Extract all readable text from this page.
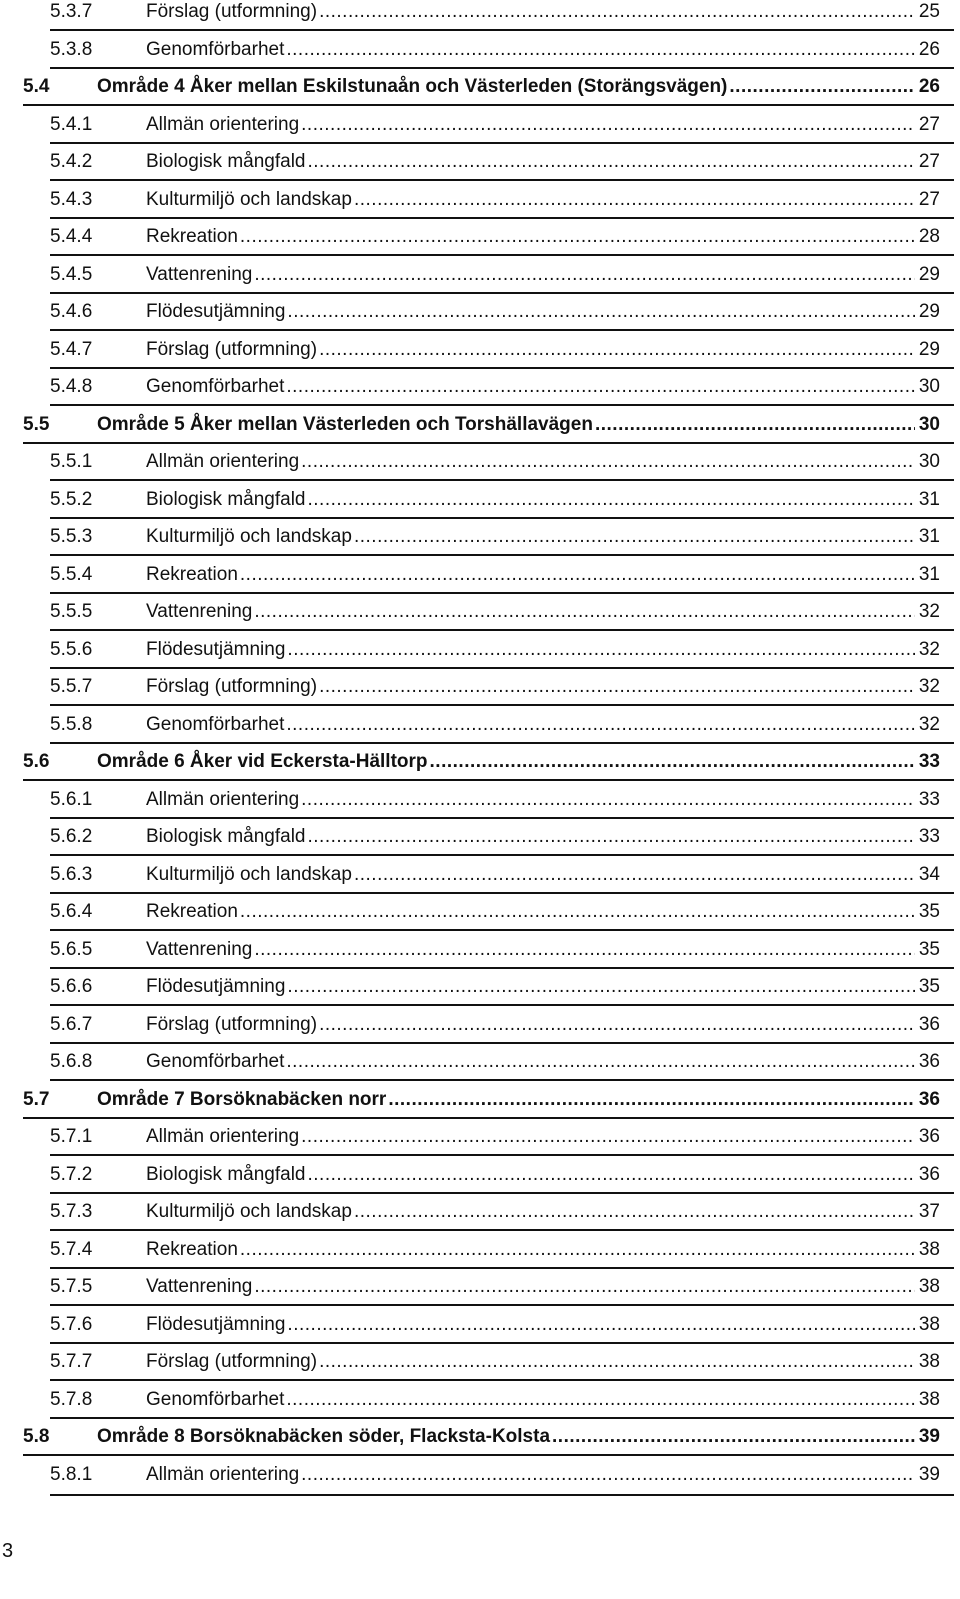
5.3.7	Förslag (utformning) .....	25
5.3.8	Genomförbarhet .....	26
5.4	Område 4 Åker mellan Eskilstunaån och Västerleden (Storängsvägen) .....	26
5.4.1	Allmän orientering .....	27
5.4.2	Biologisk mångfald .....	27
5.4.3	Kulturmiljö och landskap .....	27
5.4.4	Rekreation .....	28
5.4.5	Vattenrening .....	29
5.4.6	Flödesutjämning .....	29
5.4.7	Förslag (utformning) .....	29
5.4.8	Genomförbarhet .....	30
5.5	Område 5 Åker mellan Västerleden och Torshällavägen .....	30
5.5.1	Allmän orientering .....	30
5.5.2	Biologisk mångfald .....	31
5.5.3	Kulturmiljö och landskap .....	31
5.5.4	Rekreation .....	31
5.5.5	Vattenrening .....	32
5.5.6	Flödesutjämning .....	32
5.5.7	Förslag (utformning) .....	32
5.5.8	Genomförbarhet .....	32
5.6	Område 6 Åker vid Eckersta-Hälltorp .....	33
5.6.1	Allmän orientering .....	33
5.6.2	Biologisk mångfald .....	33
5.6.3	Kulturmiljö och landskap .....	34
5.6.4	Rekreation .....	35
5.6.5	Vattenrening .....	35
5.6.6	Flödesutjämning .....	35
5.6.7	Förslag (utformning) .....	36
5.6.8	Genomförbarhet .....	36
5.7	Område 7 Borsöknabäcken norr .....	36
5.7.1	Allmän orientering .....	36
5.7.2	Biologisk mångfald .....	36
5.7.3	Kulturmiljö och landskap .....	37
5.7.4	Rekreation .....	38
5.7.5	Vattenrening .....	38
5.7.6	Flödesutjämning .....	38
5.7.7	Förslag (utformning) .....	38
5.7.8	Genomförbarhet .....	38
5.8	Område 8 Borsöknabäcken söder, Flacksta-Kolsta .....	39
5.8.1	Allmän orientering .....	39
3
